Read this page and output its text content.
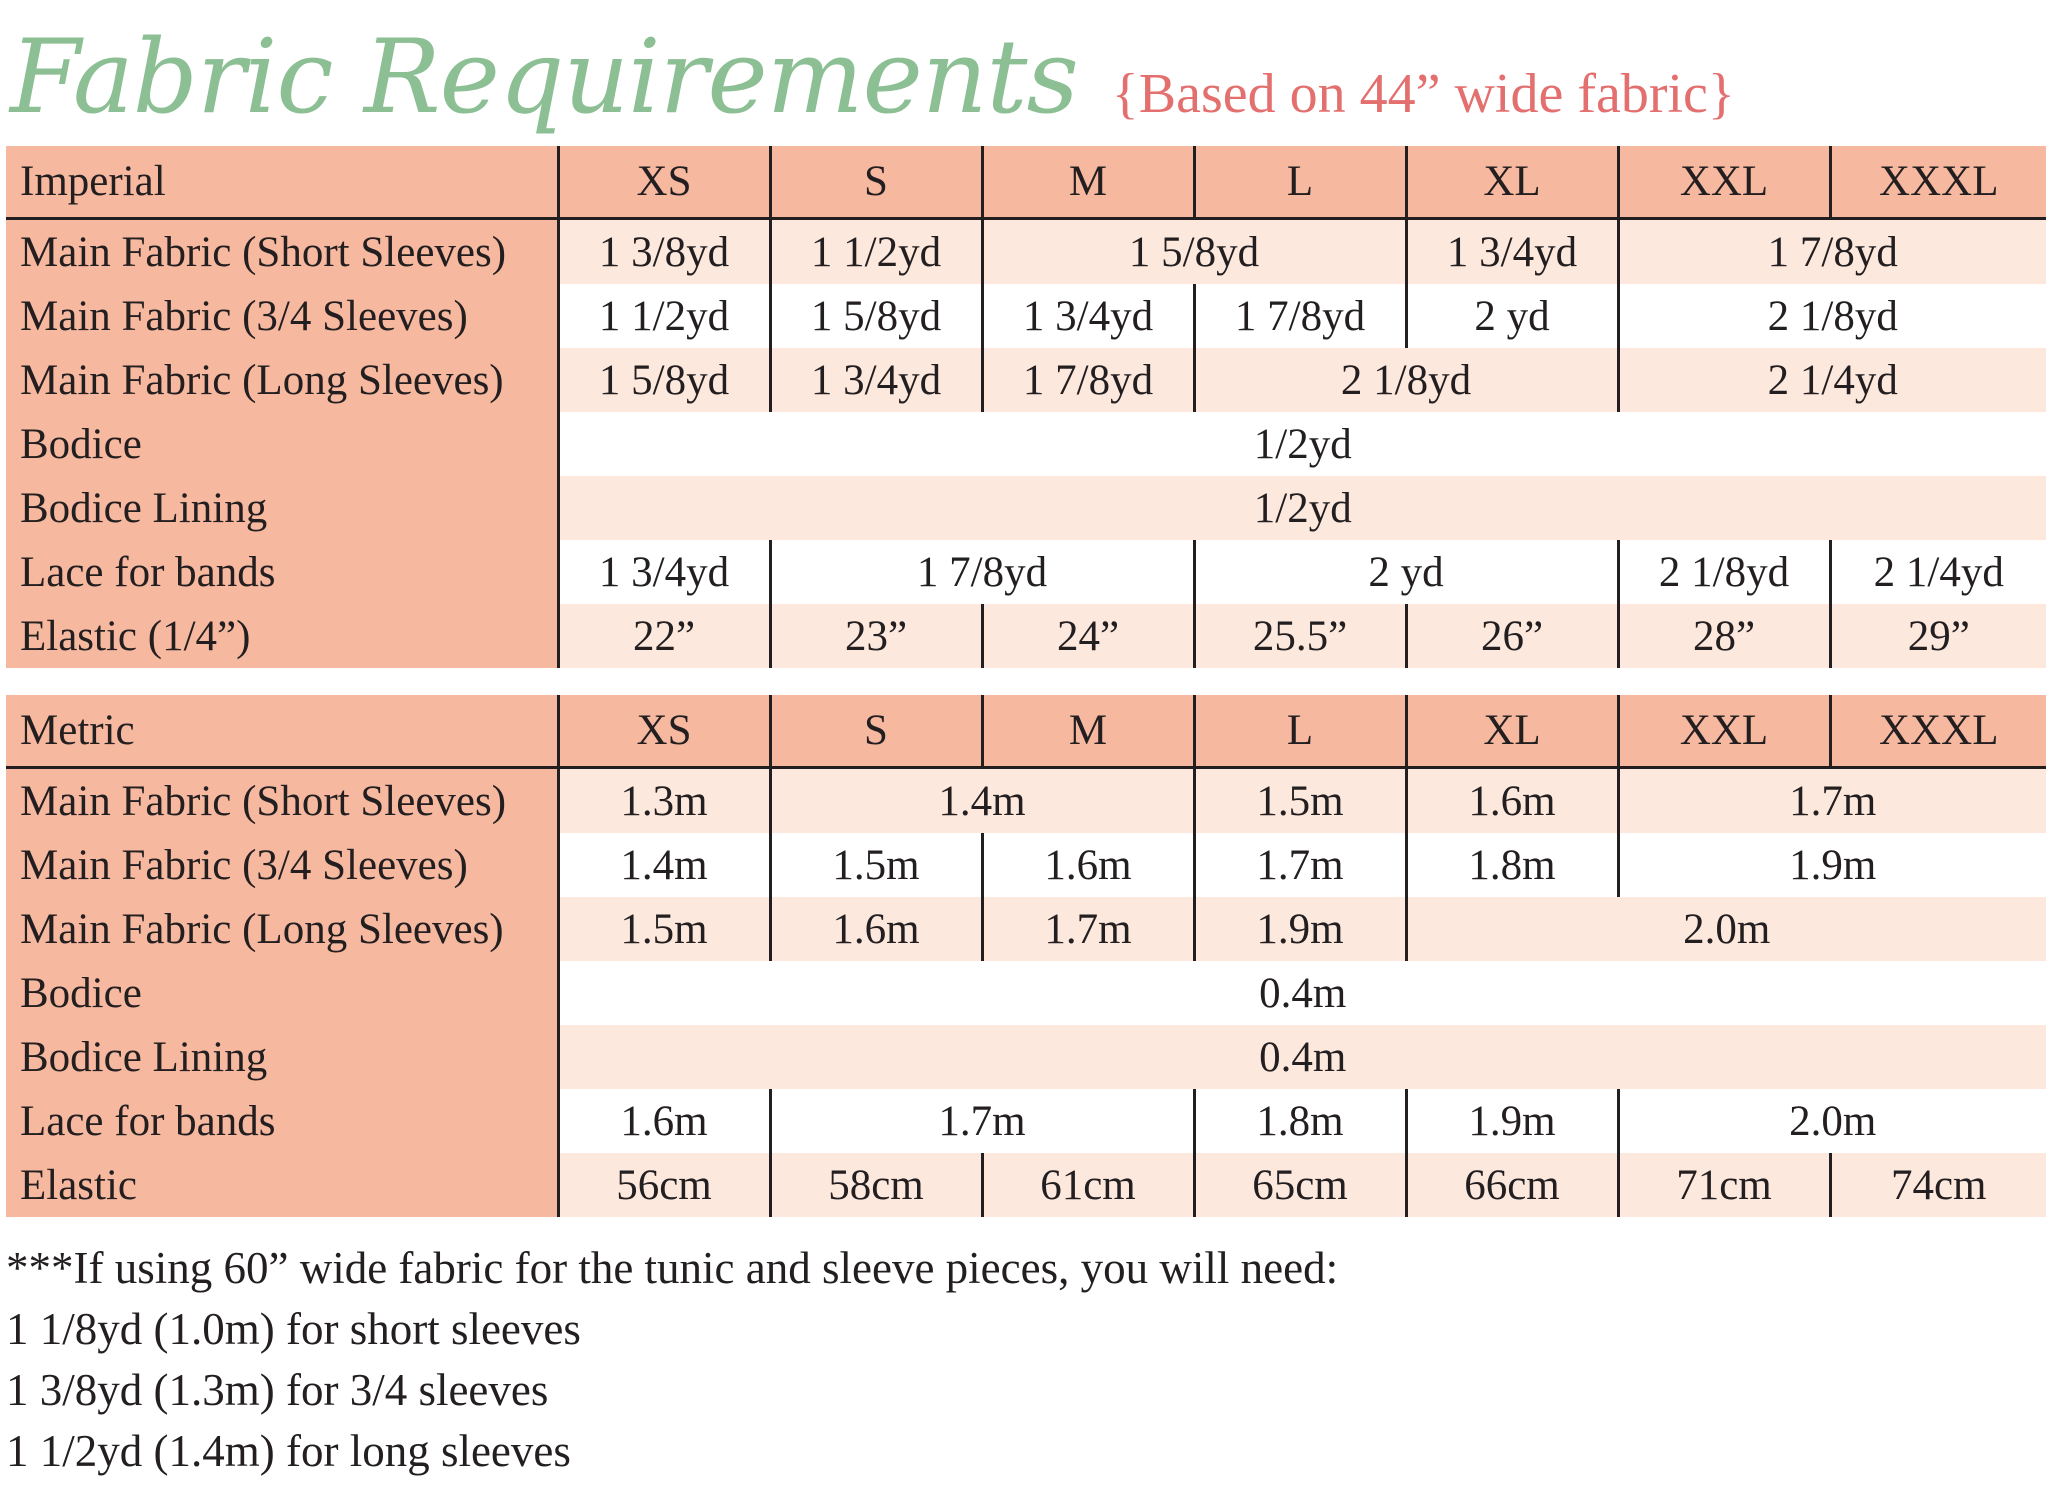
Fabric Requirements {Based on 44” wide fabric}
Imperial	XS	S	M	L	XL	XXL	XXXL
Main Fabric (Short Sleeves)	1 3/8yd	1 1/2yd	1 5/8yd		1 3/4yd	1 7/8yd	
Main Fabric (3/4 Sleeves)	1 1/2yd	1 5/8yd	1 3/4yd	1 7/8yd	2 yd	2 1/8yd	
Main Fabric (Long Sleeves)	1 5/8yd	1 3/4yd	1 7/8yd	2 1/8yd		2 1/4yd	
Bodice	1/2yd						
Bodice Lining	1/2yd						
Lace for bands	1 3/4yd	1 7/8yd		2 yd		2 1/8yd	2 1/4yd
Elastic (1/4”)	22”	23”	24”	25.5”	26”	28”	29”
Metric	XS	S	M	L	XL	XXL	XXXL
Main Fabric (Short Sleeves)	1.3m	1.4m		1.5m	1.6m	1.7m	
Main Fabric (3/4 Sleeves)	1.4m	1.5m	1.6m	1.7m	1.8m	1.9m	
Main Fabric (Long Sleeves)	1.5m	1.6m	1.7m	1.9m	2.0m		
Bodice	0.4m						
Bodice Lining	0.4m						
Lace for bands	1.6m	1.7m		1.8m	1.9m	2.0m	
Elastic	56cm	58cm	61cm	65cm	66cm	71cm	74cm
***If using 60” wide fabric for the tunic and sleeve pieces, you will need:
1 1/8yd (1.0m) for short sleeves
1 3/8yd (1.3m) for 3/4 sleeves
1 1/2yd (1.4m) for long sleeves
